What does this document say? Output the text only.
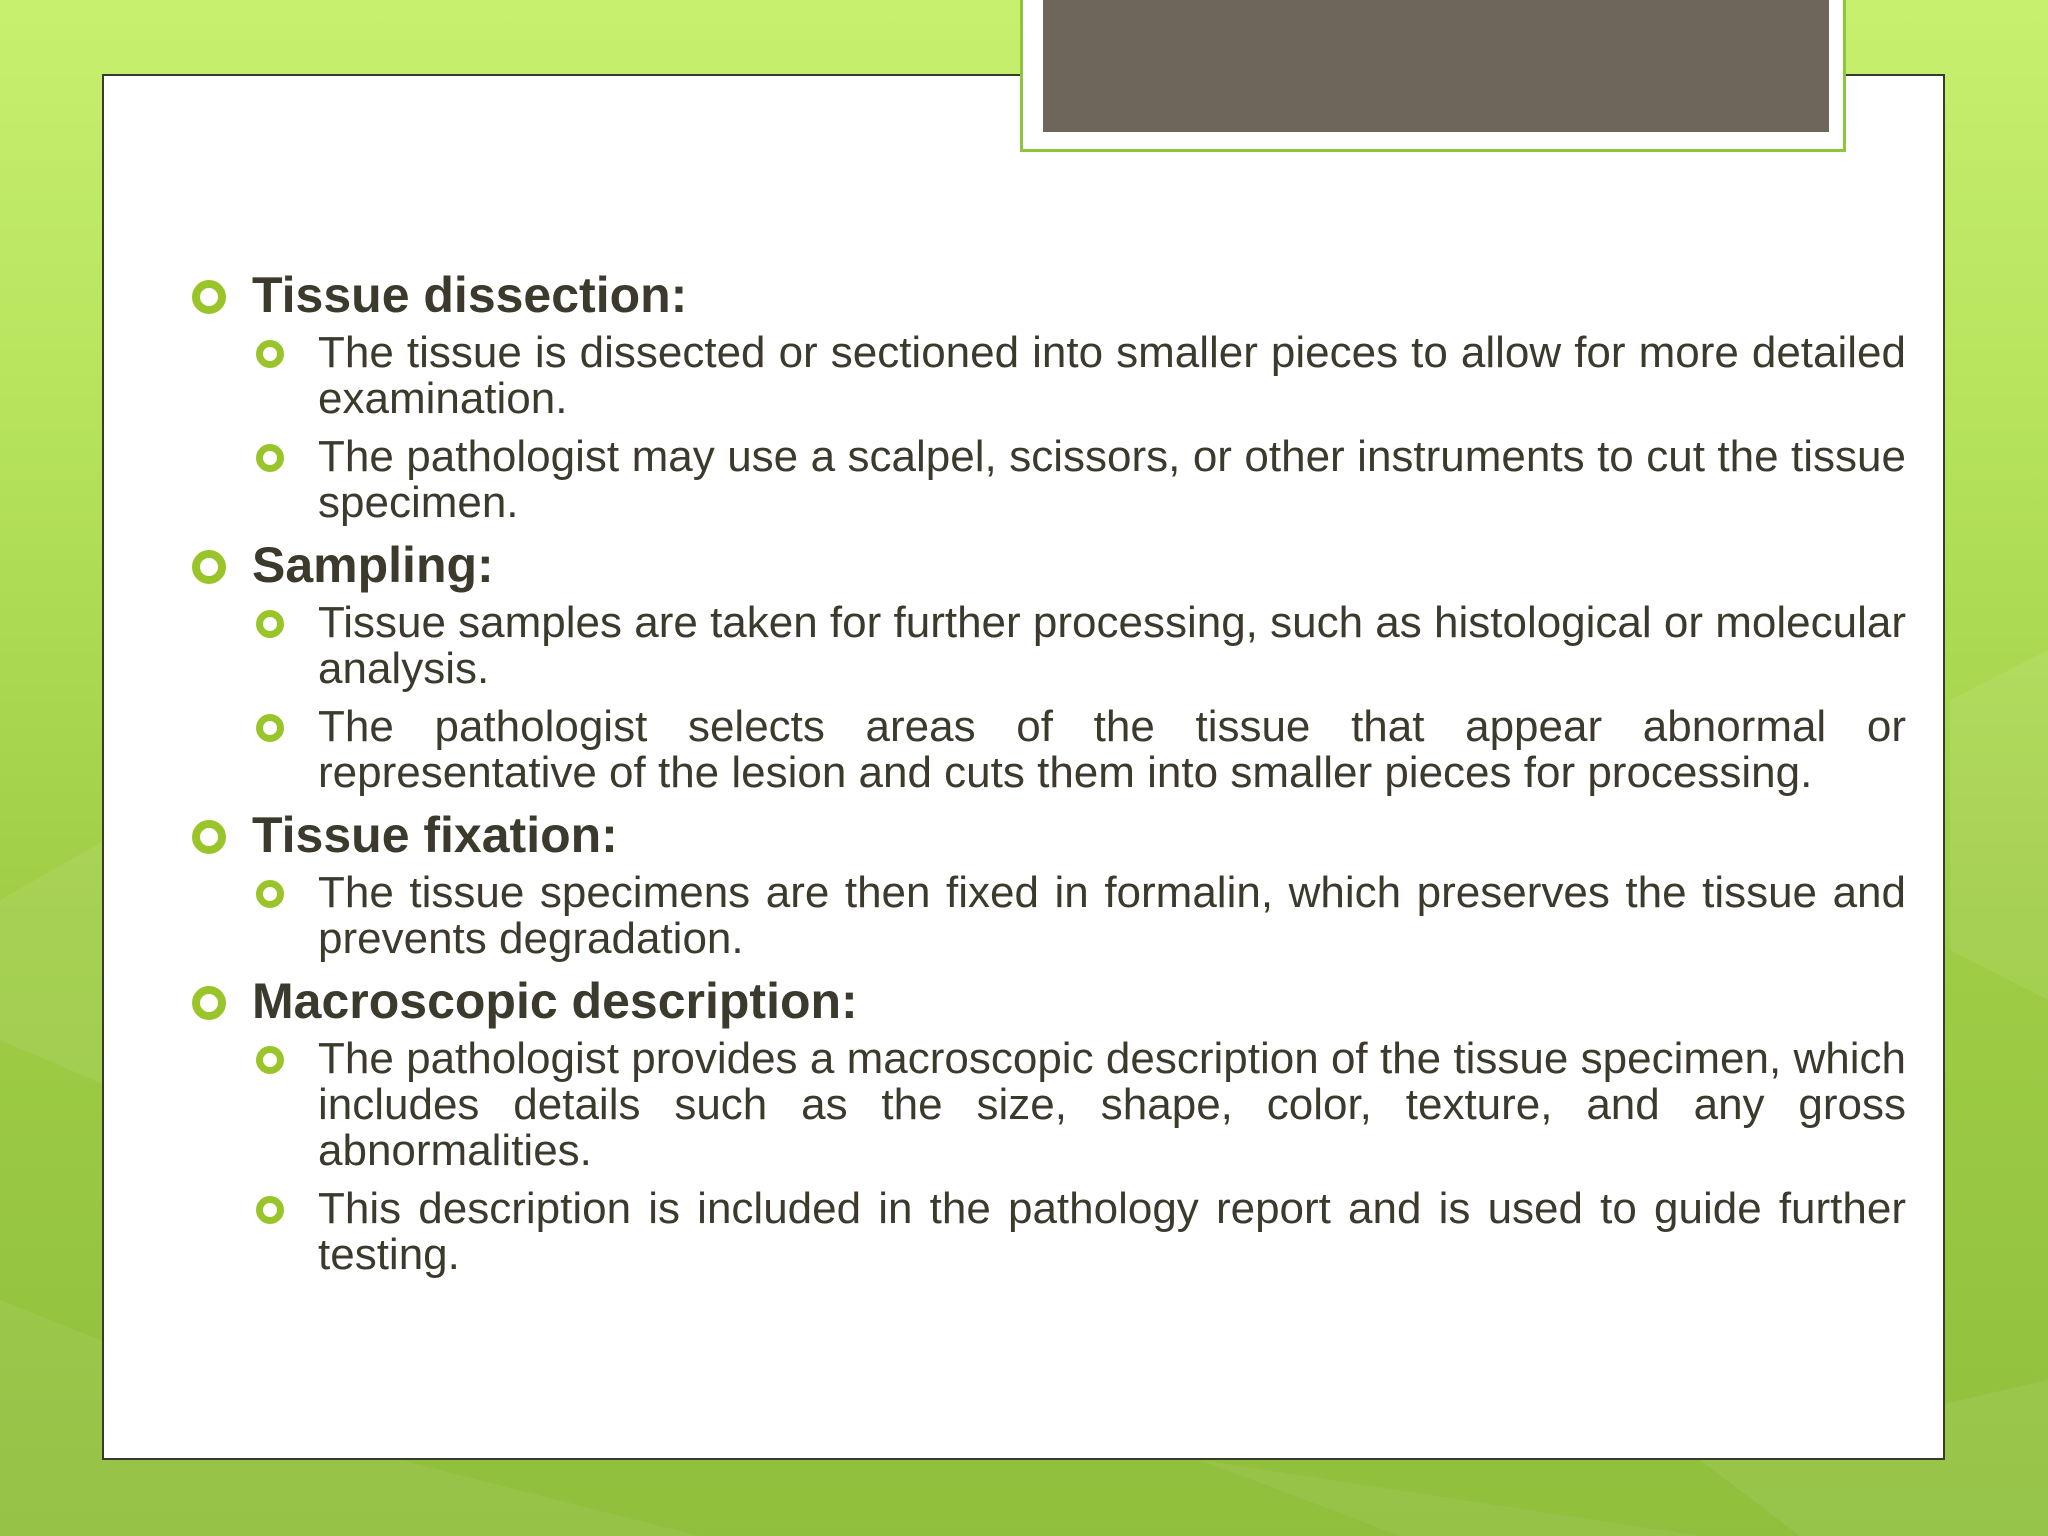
Tissue dissection:
The tissue is dissected or sectioned into smaller pieces to allow for more detailed examination.
The pathologist may use a scalpel, scissors, or other instruments to cut the tissue specimen.
Sampling:
Tissue samples are taken for further processing, such as histological or molecular analysis.
The pathologist selects areas of the tissue that appear abnormal or representative of the lesion and cuts them into smaller pieces for processing.
Tissue fixation:
The tissue specimens are then fixed in formalin, which preserves the tissue and prevents degradation.
Macroscopic description:
The pathologist provides a macroscopic description of the tissue specimen, which includes details such as the size, shape, color, texture, and any gross abnormalities.
This description is included in the pathology report and is used to guide further testing.
